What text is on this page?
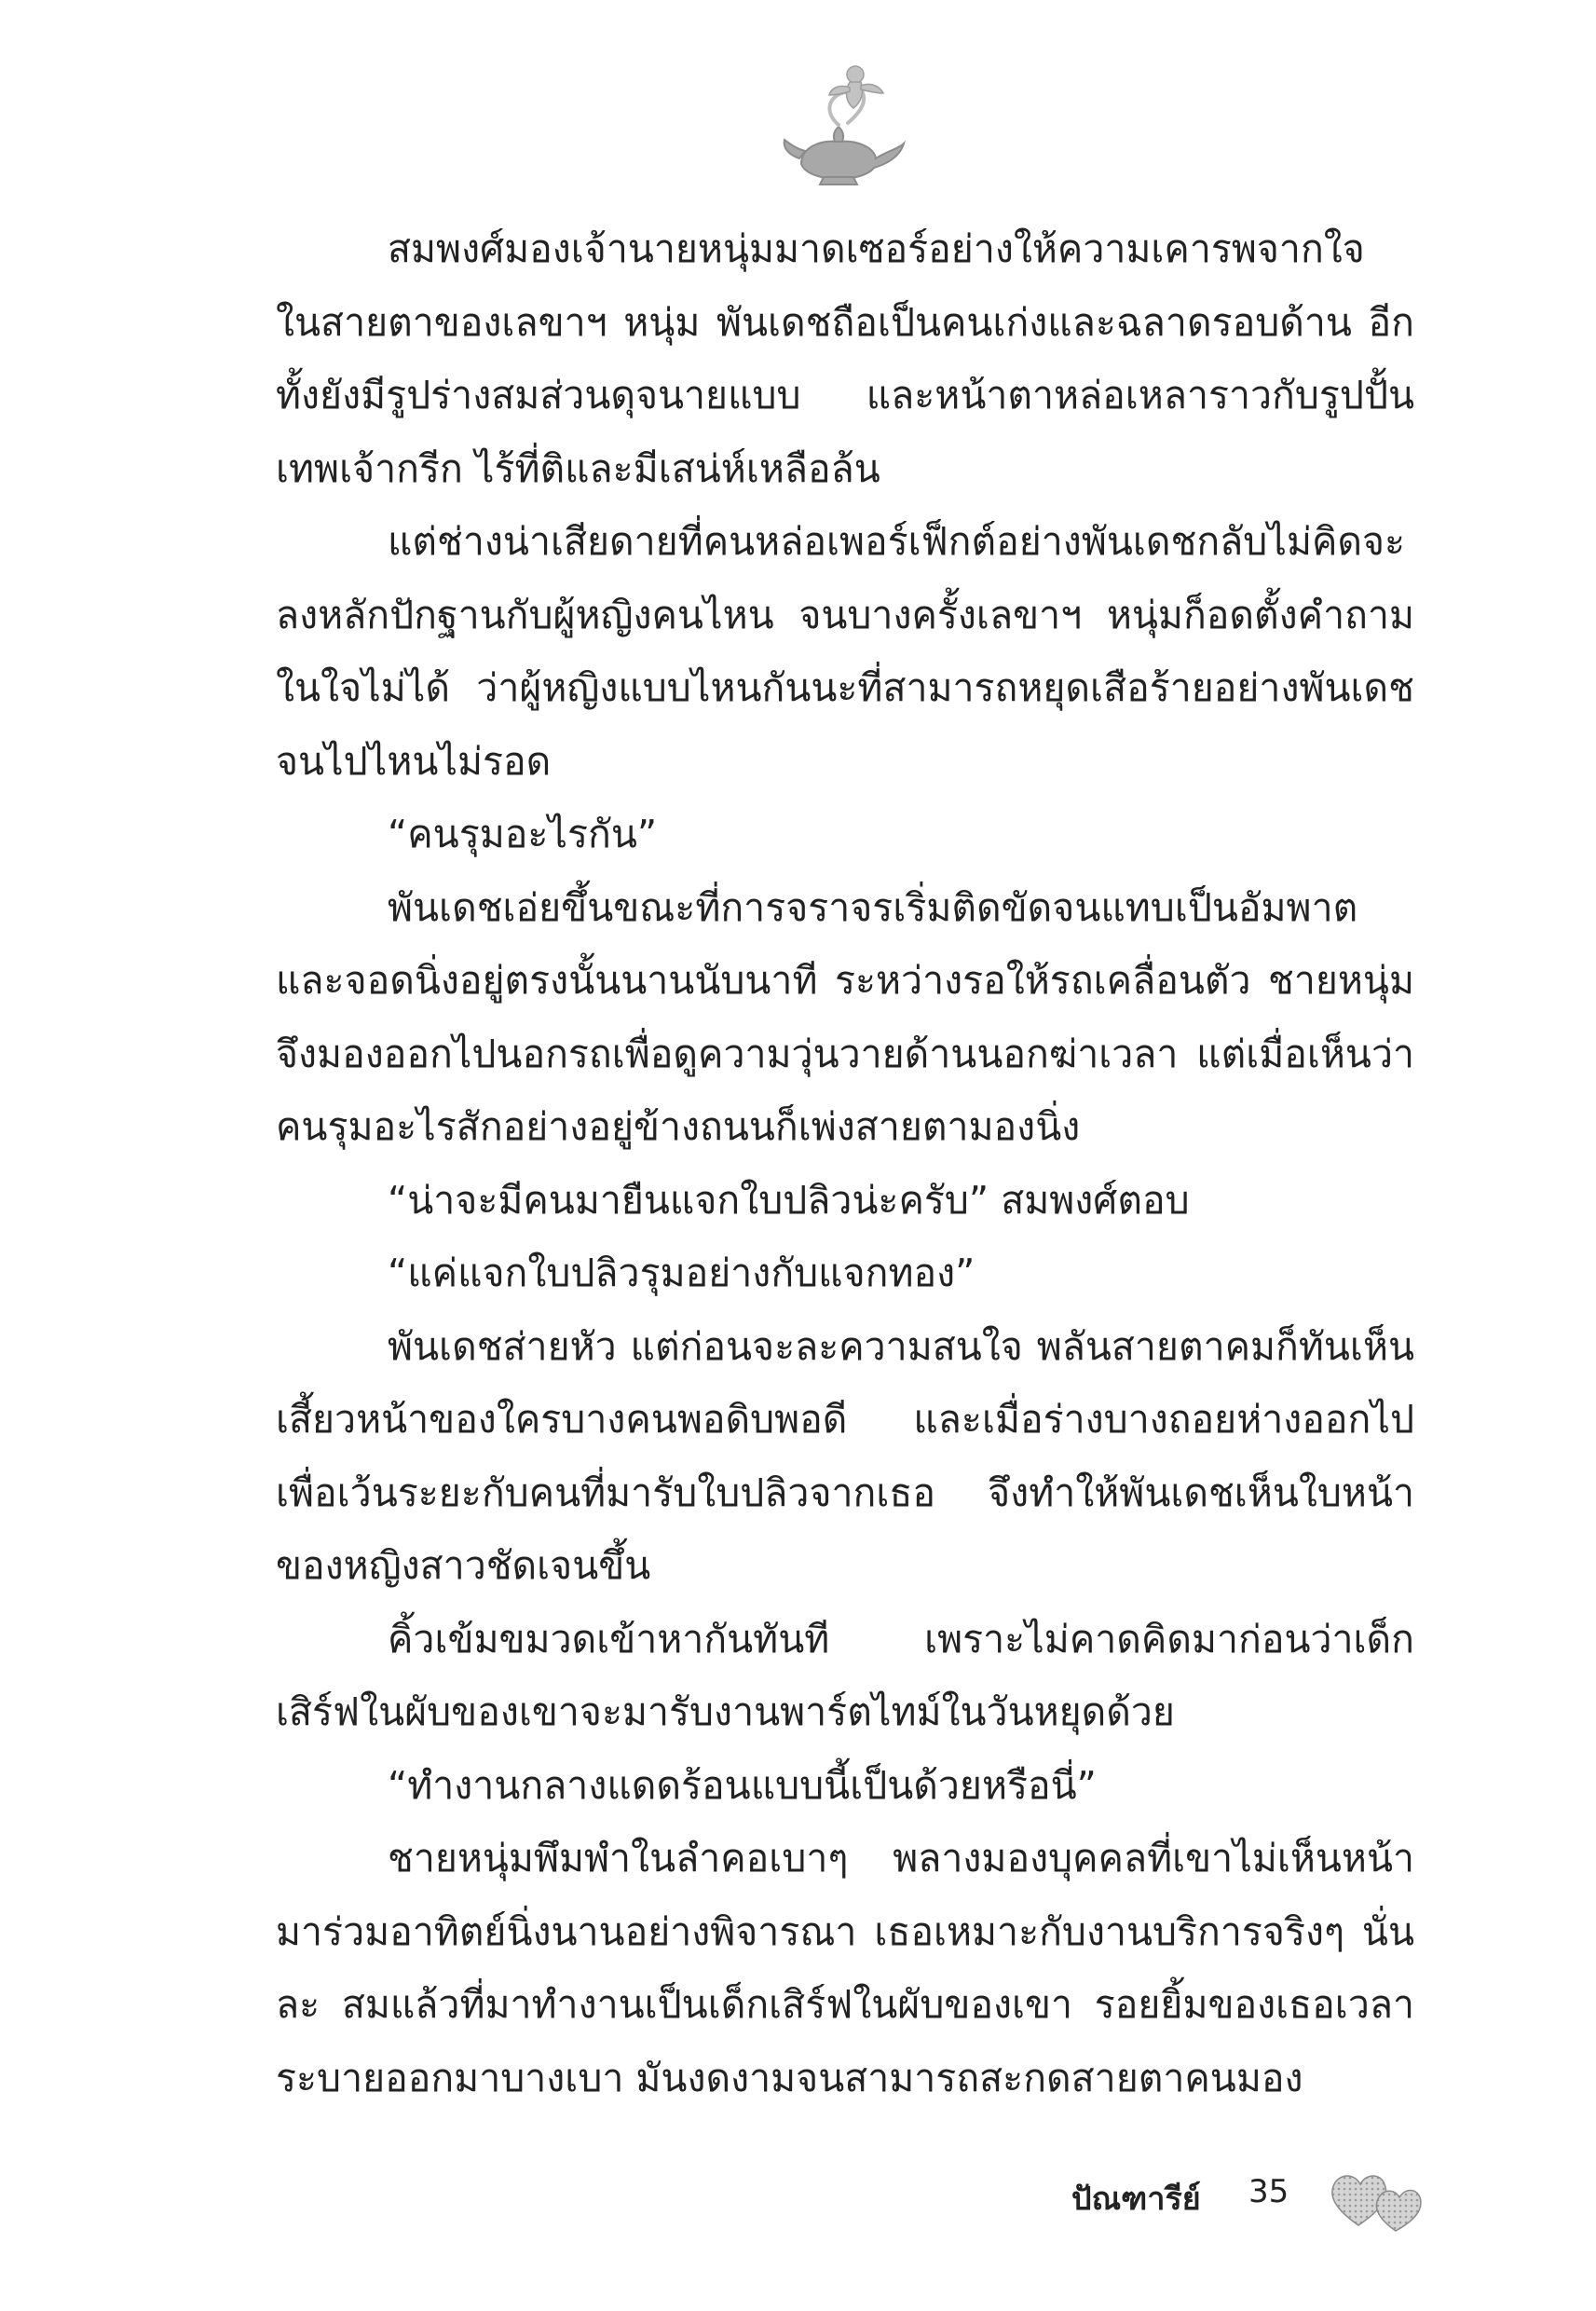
สมพงศ์มองเจ้านายหนุ่มมาดเซอร์อย่างให้ความเคารพจากใจ ในสายตาของเลขาฯ หนุ่ม พันเดชถือเป็นคนเก่งและฉลาดรอบด้าน อีกทั้งยังมีรูปร่างสมส่วนดุจนายแบบ และหน้าตาหล่อเหลาราวกับรูปปั้นเทพเจ้ากรีก ไร้ที่ติและมีเสน่ห์เหลือล้น

แต่ช่างน่าเสียดายที่คนหล่อเพอร์เฟ็กต์อย่างพันเดชกลับไม่คิดจะลงหลักปักฐานกับผู้หญิงคนไหน จนบางครั้งเลขาฯ หนุ่มก็อดตั้งคำถามในใจไม่ได้ ว่าผู้หญิงแบบไหนกันนะที่สามารถหยุดเสือร้ายอย่างพันเดชจนไปไหนไม่รอด

“คนรุมอะไรกัน”

พันเดชเอ่ยขึ้นขณะที่การจราจรเริ่มติดขัดจนแทบเป็นอัมพาต และจอดนิ่งอยู่ตรงนั้นนานนับนาที ระหว่างรอให้รถเคลื่อนตัว ชายหนุ่มจึงมองออกไปนอกรถเพื่อดูความวุ่นวายด้านนอกฆ่าเวลา แต่เมื่อเห็นว่าคนรุมอะไรสักอย่างอยู่ข้างถนนก็เพ่งสายตามองนิ่ง

“น่าจะมีคนมายืนแจกใบปลิวน่ะครับ” สมพงศ์ตอบ

“แค่แจกใบปลิวรุมอย่างกับแจกทอง”

พันเดชส่ายหัว แต่ก่อนจะละความสนใจ พลันสายตาคมก็ทันเห็นเสี้ยวหน้าของใครบางคนพอดิบพอดี และเมื่อร่างบางถอยห่างออกไปเพื่อเว้นระยะกับคนที่มารับใบปลิวจากเธอ จึงทำให้พันเดชเห็นใบหน้าของหญิงสาวชัดเจนขึ้น

คิ้วเข้มขมวดเข้าหากันทันที เพราะไม่คาดคิดมาก่อนว่าเด็กเสิร์ฟในผับของเขาจะมารับงานพาร์ตไทม์ในวันหยุดด้วย

“ทำงานกลางแดดร้อนแบบนี้เป็นด้วยหรือนี่”

ชายหนุ่มพึมพำในลำคอเบาๆ พลางมองบุคคลที่เขาไม่เห็นหน้ามาร่วมอาทิตย์นิ่งนานอย่างพิจารณา เธอเหมาะกับงานบริการจริงๆ นั่นละ สมแล้วที่มาทำงานเป็นเด็กเสิร์ฟในผับของเขา รอยยิ้มของเธอเวลาระบายออกมาบางเบา มันงดงามจนสามารถสะกดสายตาคนมอง

ปัณฑารีย์ 35
